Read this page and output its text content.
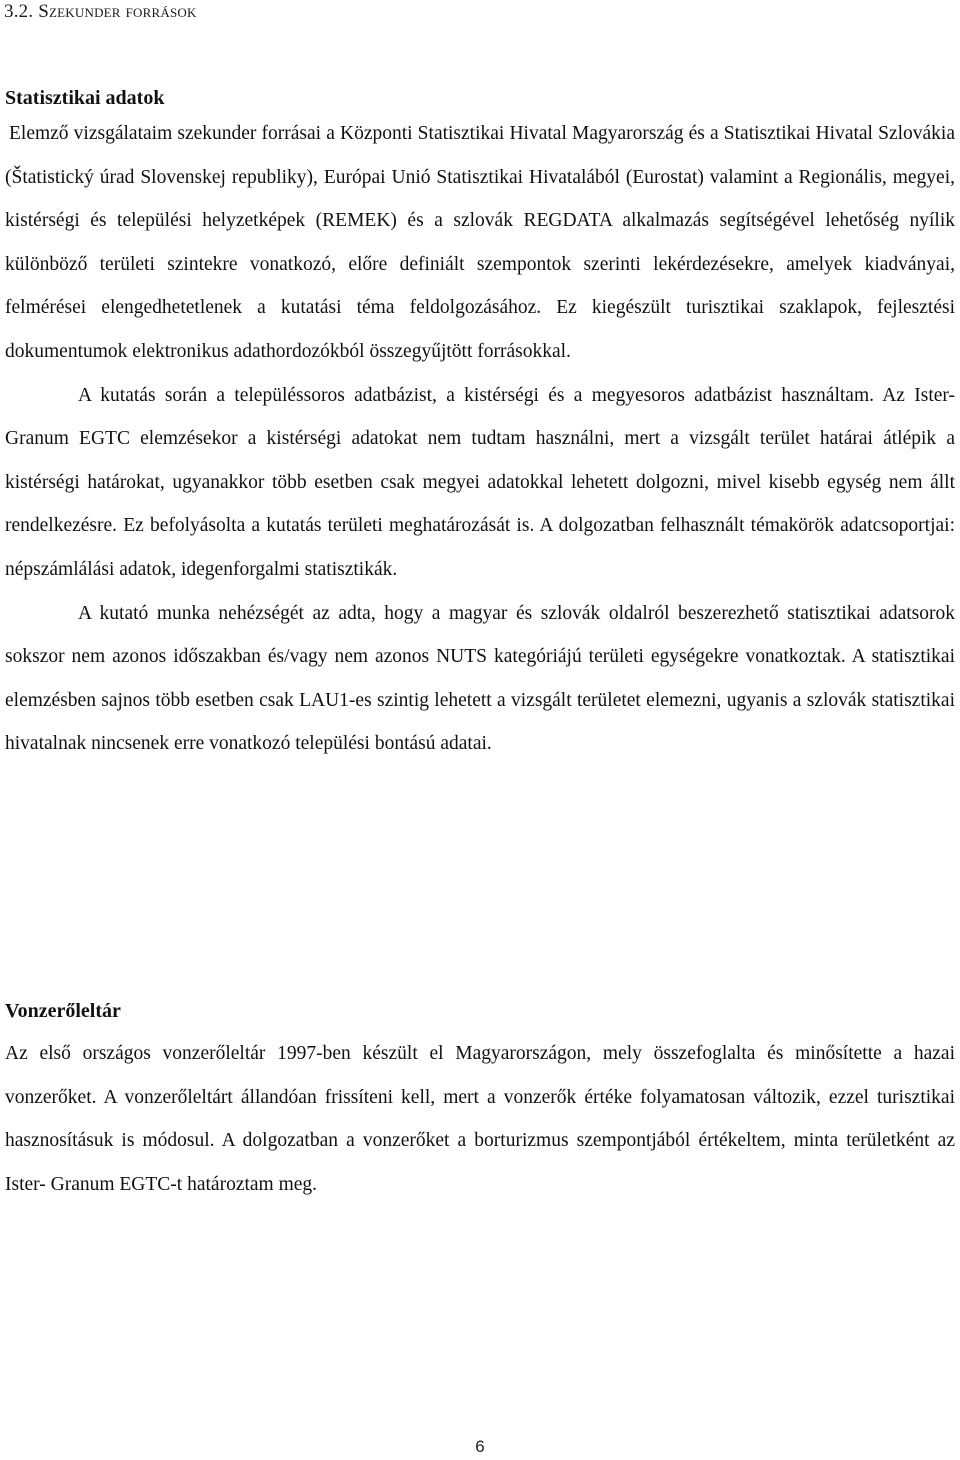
3.2. Szekunder források
Statisztikai adatok

Elemző vizsgálataim szekunder forrásai a Központi Statisztikai Hivatal Magyarország és a Statisztikai Hivatal Szlovákia (Štatistický úrad Slovenskej republiky), Európai Unió Statisztikai Hivatalából (Eurostat) valamint a Regionális, megyei, kistérségi és települési helyzetképek (REMEK) és a szlovák REGDATA alkalmazás segítségével lehetőség nyílik különböző területi szintekre vonatkozó, előre definiált szempontok szerinti lekérdezésekre, amelyek kiadványai, felmérései elengedhetetlenek a kutatási téma feldolgozásához. Ez kiegészült turisztikai szaklapok, fejlesztési dokumentumok elektronikus adathordozókból összegyűjtött forrásokkal.

A kutatás során a településsoros adatbázist, a kistérségi és a megyesoros adatbázist használtam. Az Ister- Granum EGTC elemzésekor a kistérségi adatokat nem tudtam használni, mert a vizsgált terület határai átlépik a kistérségi határokat, ugyanakkor több esetben csak megyei adatokkal lehetett dolgozni, mivel kisebb egység nem állt rendelkezésre. Ez befolyásolta a kutatás területi meghatározását is. A dolgozatban felhasznált témakörök adatcsoportjai: népszámlálási adatok, idegenforgalmi statisztikák.

A kutató munka nehézségét az adta, hogy a magyar és szlovák oldalról beszerezhető statisztikai adatsorok sokszor nem azonos időszakban és/vagy nem azonos NUTS kategóriájú területi egységekre vonatkoztak. A statisztikai elemzésben sajnos több esetben csak LAU1-es szintig lehetett a vizsgált területet elemezni, ugyanis a szlovák statisztikai hivatalnak nincsenek erre vonatkozó települési bontású adatai.

Vonzerőleltár

Az első országos vonzerőleltár 1997-ben készült el Magyarországon, mely összefoglalta és minősítette a hazai vonzerőket. A vonzerőleltárt állandóan frissíteni kell, mert a vonzerők értéke folyamatosan változik, ezzel turisztikai hasznosításuk is módosul. A dolgozatban a vonzerőket a borturizmus szempontjából értékeltem, minta területként az Ister- Granum EGTC-t határoztam meg.

6
